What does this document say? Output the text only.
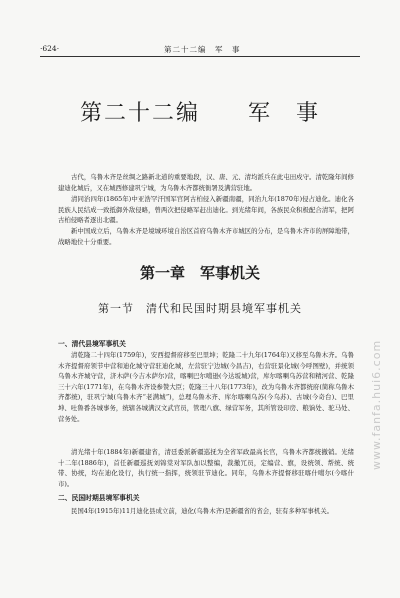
·624·	第二十二编　军　事
第二十二编　　军　事

古代，乌鲁木齐是丝绸之路新北道的重要地段，汉、唐、元、清均派兵在此屯田戍守。清乾隆年间修建迪化城后，又在城西修建巩宁城，为乌鲁木齐都统衙署及满营驻地。

清同治四年(1865年)中亚浩罕汗国军官阿古柏侵入新疆南疆，同治九年(1870年)侵占迪化。迪化各民族人民结成一致抵御外敌侵略，曾两次把侵略军赶出迪化。到光绪年间，各族民众积极配合清军，把阿古柏侵略者逐出北疆。

新中国成立后，乌鲁木齐是境城环境自治区首府乌鲁木齐市城区的分布，是乌鲁木齐市的屏障地带，战略地位十分重要。

第一章　军事机关
第一节　清代和民国时期县境军事机关
一、清代县境军事机关

清乾隆二十四年(1759年)，安西提督府移至巴里坤；乾隆二十九年(1764年)又移至乌鲁木齐。乌鲁木齐提督府领节中营和迪化城守营驻迪化城，左营驻宁边城(今昌吉)，右营驻景化城(今呼图壁)，并统领乌鲁木齐城守营，济木萨(今吉木萨尔)营，喀喇巴尔噶逊(今达坂城)营，库尔喀喇乌苏营和精河营、乾隆三十六年(1771年)，在乌鲁木齐设参赞大臣；乾隆三十八年(1773年)，改为乌鲁木齐都统府(简称乌鲁木齐都统)，驻巩宁城(乌鲁木齐“老满城”)，总理乌鲁木齐、库尔喀喇乌苏(今乌苏)、古城(今奇台)、巴里坤、吐鲁番各城事务，统辖各城满汉文武官员，管理八旗、绿营军务，其所管设印房、粮饷处、驼马处、营务处。

清光绪十年(1884年)新疆建省，清廷委派新疆巡抚为全省军政最高长官，乌鲁木齐都统撤销。光绪十二年(1886年)，首任新疆巡抚刘锦棠对军队加以整编，裁撤冗员，定编营、旗，设统领、帮统、统带、协统，均在迪化设行，执行统一指挥，统领驻节迪化。同年，乌鲁木齐提督移驻喀什噶尔(今喀什市)。

二、民国时期县境军事机关

民国4年(1915年)11月迪化县成立前，迪化(乌鲁木齐)是新疆省的省会，驻有多种军事机关。

www.fanfa.hui6.com
